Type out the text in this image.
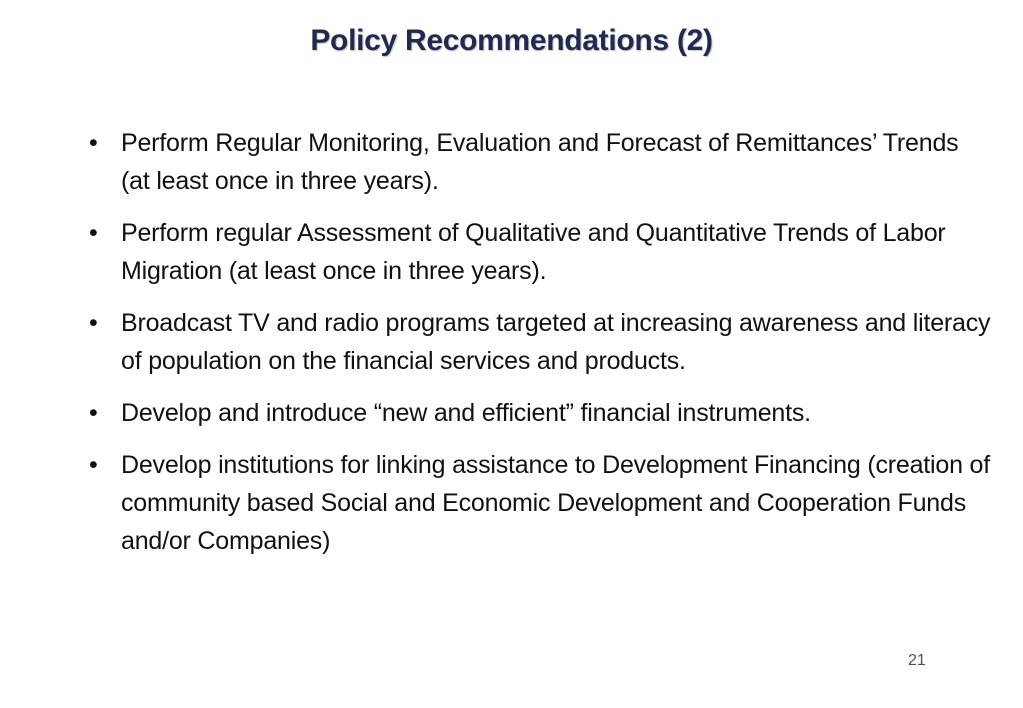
Policy Recommendations (2)
• Perform Regular Monitoring, Evaluation and Forecast of Remittances’ Trends (at least once in three years).
• Perform regular Assessment of Qualitative and Quantitative Trends of Labor Migration (at least once in three years).
• Broadcast TV and radio programs targeted at increasing awareness and literacy of population on the financial services and products.
• Develop and introduce “new and efficient” financial instruments.
• Develop institutions for linking assistance to Development Financing (creation of community based Social and Economic Development and Cooperation Funds and/or Companies)
21
